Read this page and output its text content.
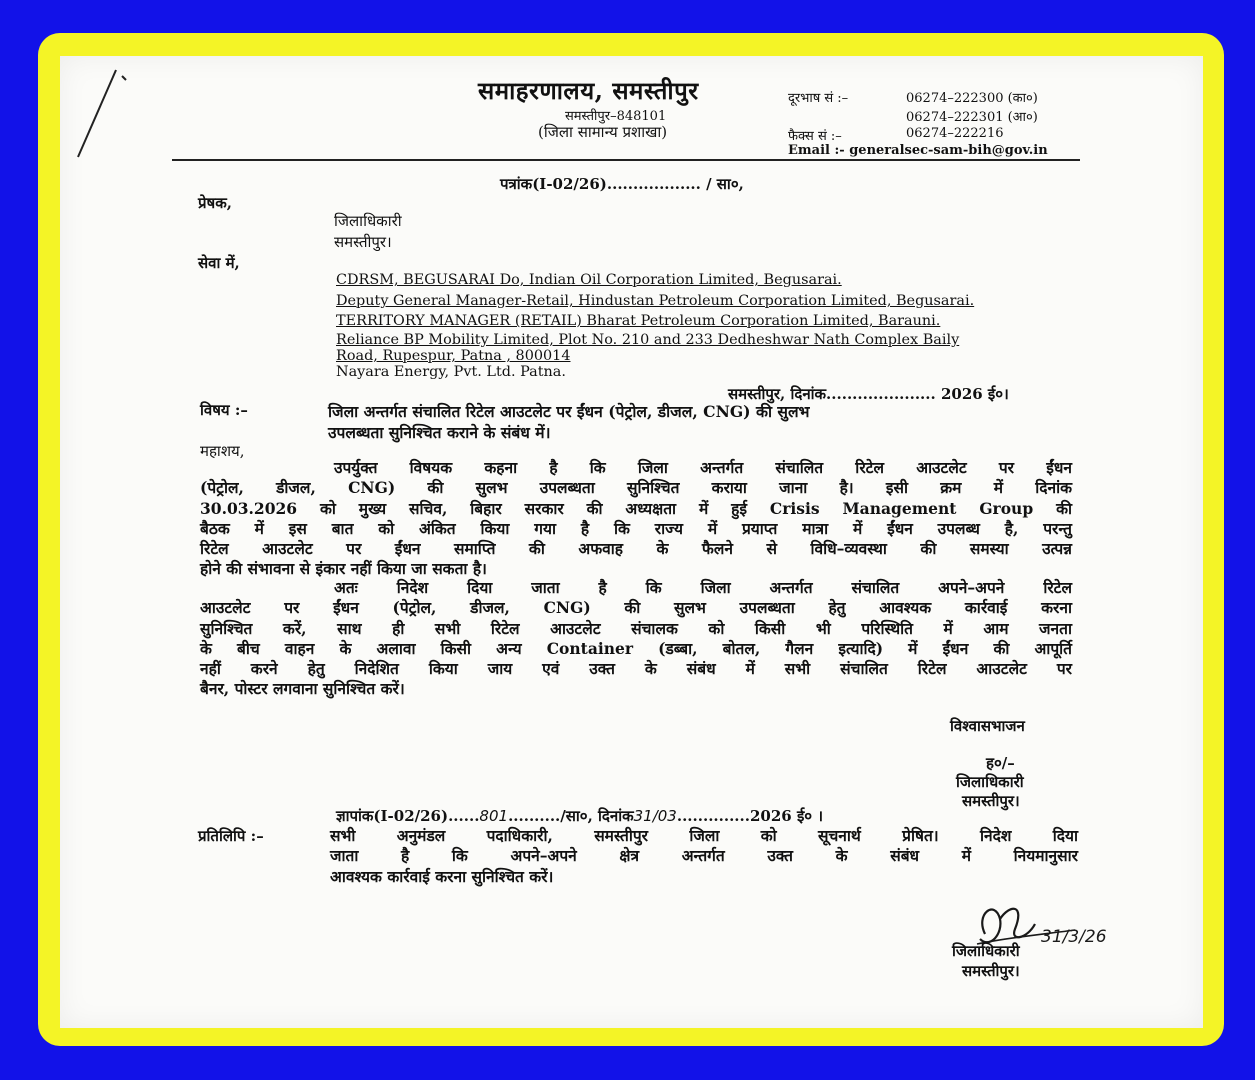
समाहरणालय, समस्तीपुर
समस्तीपुर–848101
(जिला सामान्य प्रशाखा)
दूरभाष सं :–	06274–222300 (का०)
06274–222301 (आ०)
फैक्स सं :–	06274–222216
Email :- generalsec-sam-bih@gov.in
पत्रांक(I-02/26).................. / सा०,
प्रेषक,
जिलाधिकारी
समस्तीपुर।
सेवा में,
CDRSM, BEGUSARAI Do, Indian Oil Corporation Limited, Begusarai.
Deputy General Manager-Retail, Hindustan Petroleum Corporation Limited, Begusarai.
TERRITORY MANAGER (RETAIL) Bharat Petroleum Corporation Limited, Barauni.
Reliance BP Mobility Limited, Plot No. 210 and 233 Dedheshwar Nath Complex Baily
Road, Rupespur, Patna , 800014
Nayara Energy, Pvt. Ltd. Patna.
समस्तीपुर, दिनांक..................... 2026 ई०।
विषय :–	जिला अन्तर्गत संचालित रिटेल आउटलेट पर ईंधन (पेट्रोल, डीजल, CNG) की सुलभ
उपलब्धता सुनिश्चित कराने के संबंध में।
महाशय,
उपर्युक्त विषयक कहना है कि जिला अन्तर्गत संचालित रिटेल आउटलेट पर ईंधन
(पेट्रोल, डीजल, CNG) की सुलभ उपलब्धता सुनिश्चित कराया जाना है। इसी क्रम में दिनांक
30.03.2026 को मुख्य सचिव, बिहार सरकार की अध्यक्षता में हुई Crisis Management Group की
बैठक में इस बात को अंकित किया गया है कि राज्य में प्रयाप्त मात्रा में ईंधन उपलब्ध है, परन्तु
रिटेल आउटलेट पर ईंधन समाप्ति की अफवाह के फैलने से विधि–व्यवस्था की समस्या उत्पन्न
होने की संभावना से इंकार नहीं किया जा सकता है।
अतः निदेश दिया जाता है कि जिला अन्तर्गत संचालित अपने–अपने रिटेल
आउटलेट पर ईंधन (पेट्रोल, डीजल, CNG) की सुलभ उपलब्धता हेतु आवश्यक कार्रवाई करना
सुनिश्चित करें, साथ ही सभी रिटेल आउटलेट संचालक को किसी भी परिस्थिति में आम जनता
के बीच वाहन के अलावा किसी अन्य Container (डब्बा, बोतल, गैलन इत्यादि) में ईंधन की आपूर्ति
नहीं करने हेतु निदेशित किया जाय एवं उक्त के संबंध में सभी संचालित रिटेल आउटलेट पर
बैनर, पोस्टर लगवाना सुनिश्चित करें।
विश्वासभाजन
ह०/–
जिलाधिकारी
समस्तीपुर।
ज्ञापांक(I-02/26)......801........../सा०, दिनांक31/03..............2026 ई० ।
प्रतिलिपि :–	सभी अनुमंडल पदाधिकारी, समस्तीपुर जिला को सूचनार्थ प्रेषित। निदेश दिया
जाता है कि अपने–अपने क्षेत्र अन्तर्गत उक्त के संबंध में नियमानुसार
आवश्यक कार्रवाई करना सुनिश्चित करें।
31/3/26
जिलाधिकारी
समस्तीपुर।
